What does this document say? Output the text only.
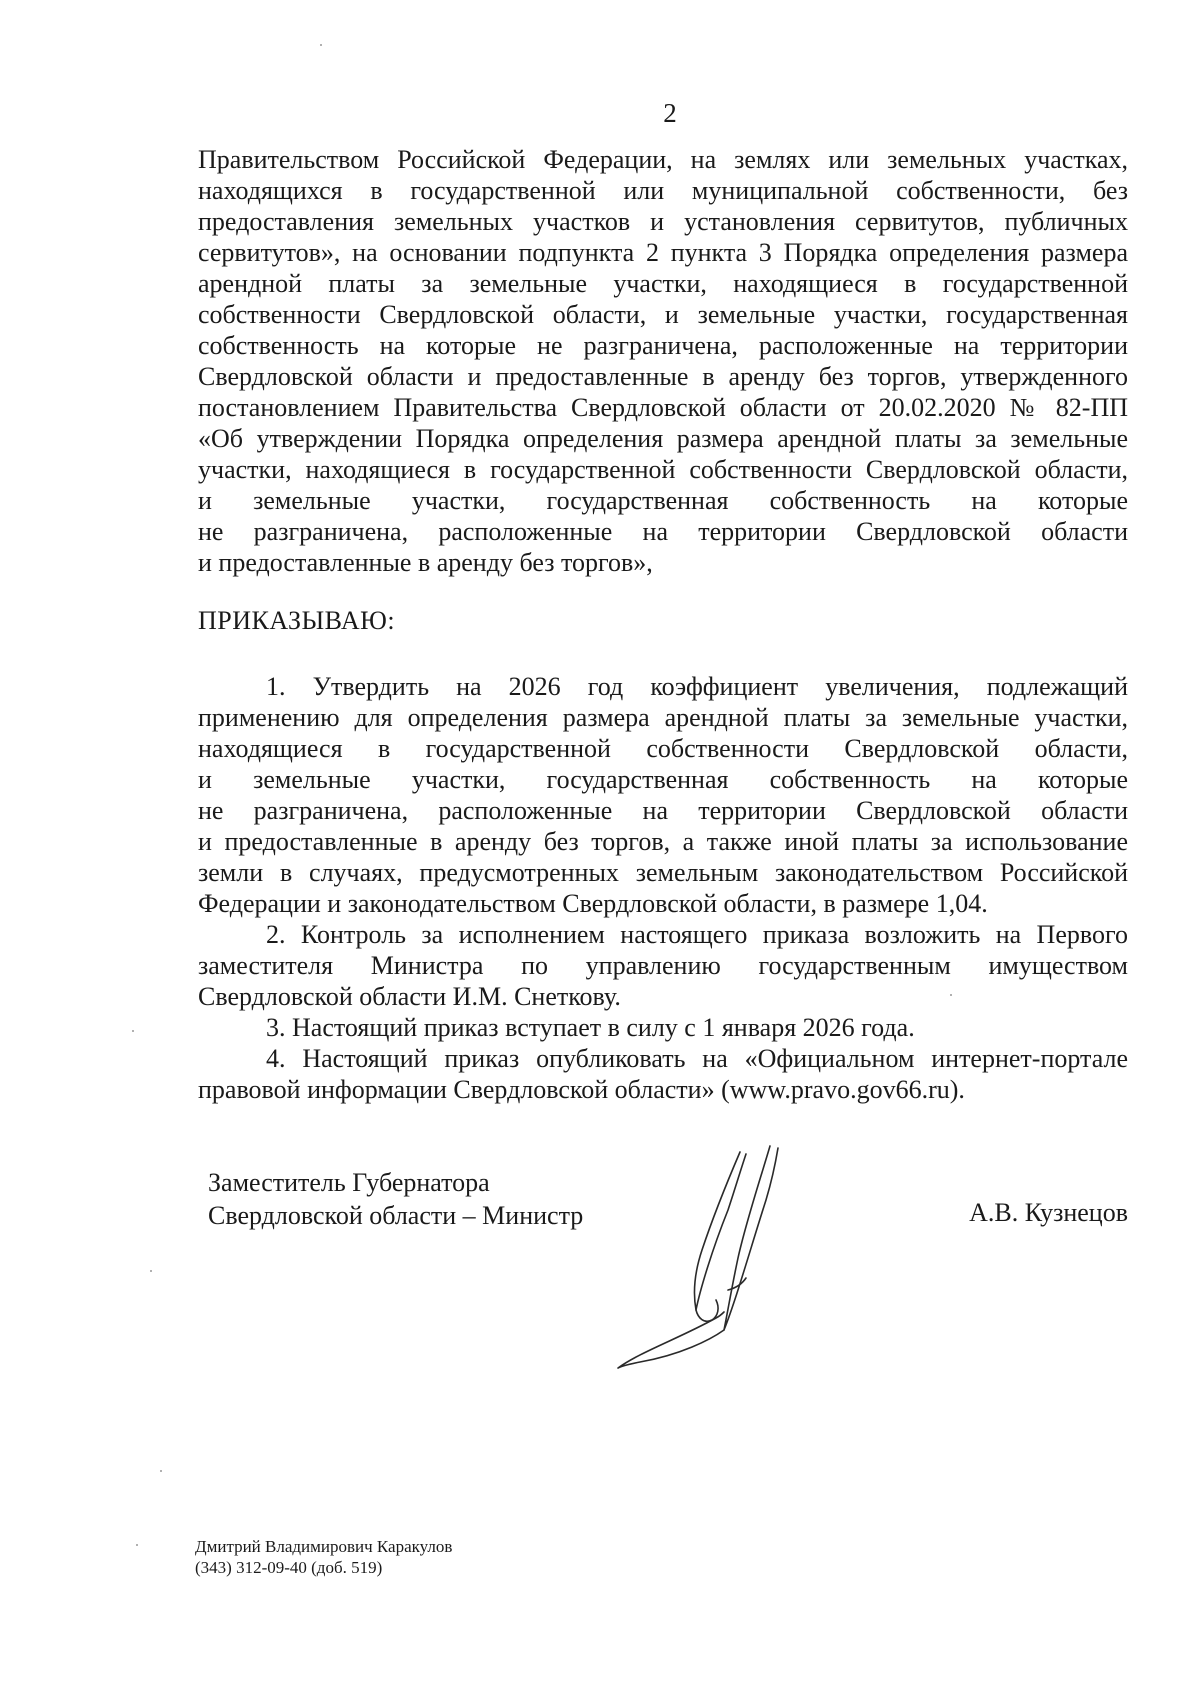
2
Правительством Российской Федерации, на землях или земельных участках,
находящихся в государственной или муниципальной собственности, без
предоставления земельных участков и установления сервитутов, публичных
сервитутов», на основании подпункта 2 пункта 3 Порядка определения размера
арендной платы за земельные участки, находящиеся в государственной
собственности Свердловской области, и земельные участки, государственная
собственность на которые не разграничена, расположенные на территории
Свердловской области и предоставленные в аренду без торгов, утвержденного
постановлением Правительства Свердловской области от 20.02.2020 № 82-ПП
«Об утверждении Порядка определения размера арендной платы за земельные
участки, находящиеся в государственной собственности Свердловской области,
и земельные участки, государственная собственность на которые
не разграничена, расположенные на территории Свердловской области
и предоставленные в аренду без торгов»,
ПРИКАЗЫВАЮ:
1. Утвердить на 2026 год коэффициент увеличения, подлежащий
применению для определения размера арендной платы за земельные участки,
находящиеся в государственной собственности Свердловской области,
и земельные участки, государственная собственность на которые
не разграничена, расположенные на территории Свердловской области
и предоставленные в аренду без торгов, а также иной платы за использование
земли в случаях, предусмотренных земельным законодательством Российской
Федерации и законодательством Свердловской области, в размере 1,04.
2. Контроль за исполнением настоящего приказа возложить на Первого
заместителя Министра по управлению государственным имуществом
Свердловской области И.М. Снеткову.
3. Настоящий приказ вступает в силу с 1 января 2026 года.
4. Настоящий приказ опубликовать на «Официальном интернет-портале
правовой информации Свердловской области» (www.pravo.gov66.ru).
Заместитель Губернатора
Свердловской области – Министр	А.В. Кузнецов
Дмитрий Владимирович Каракулов
(343) 312-09-40 (доб. 519)
